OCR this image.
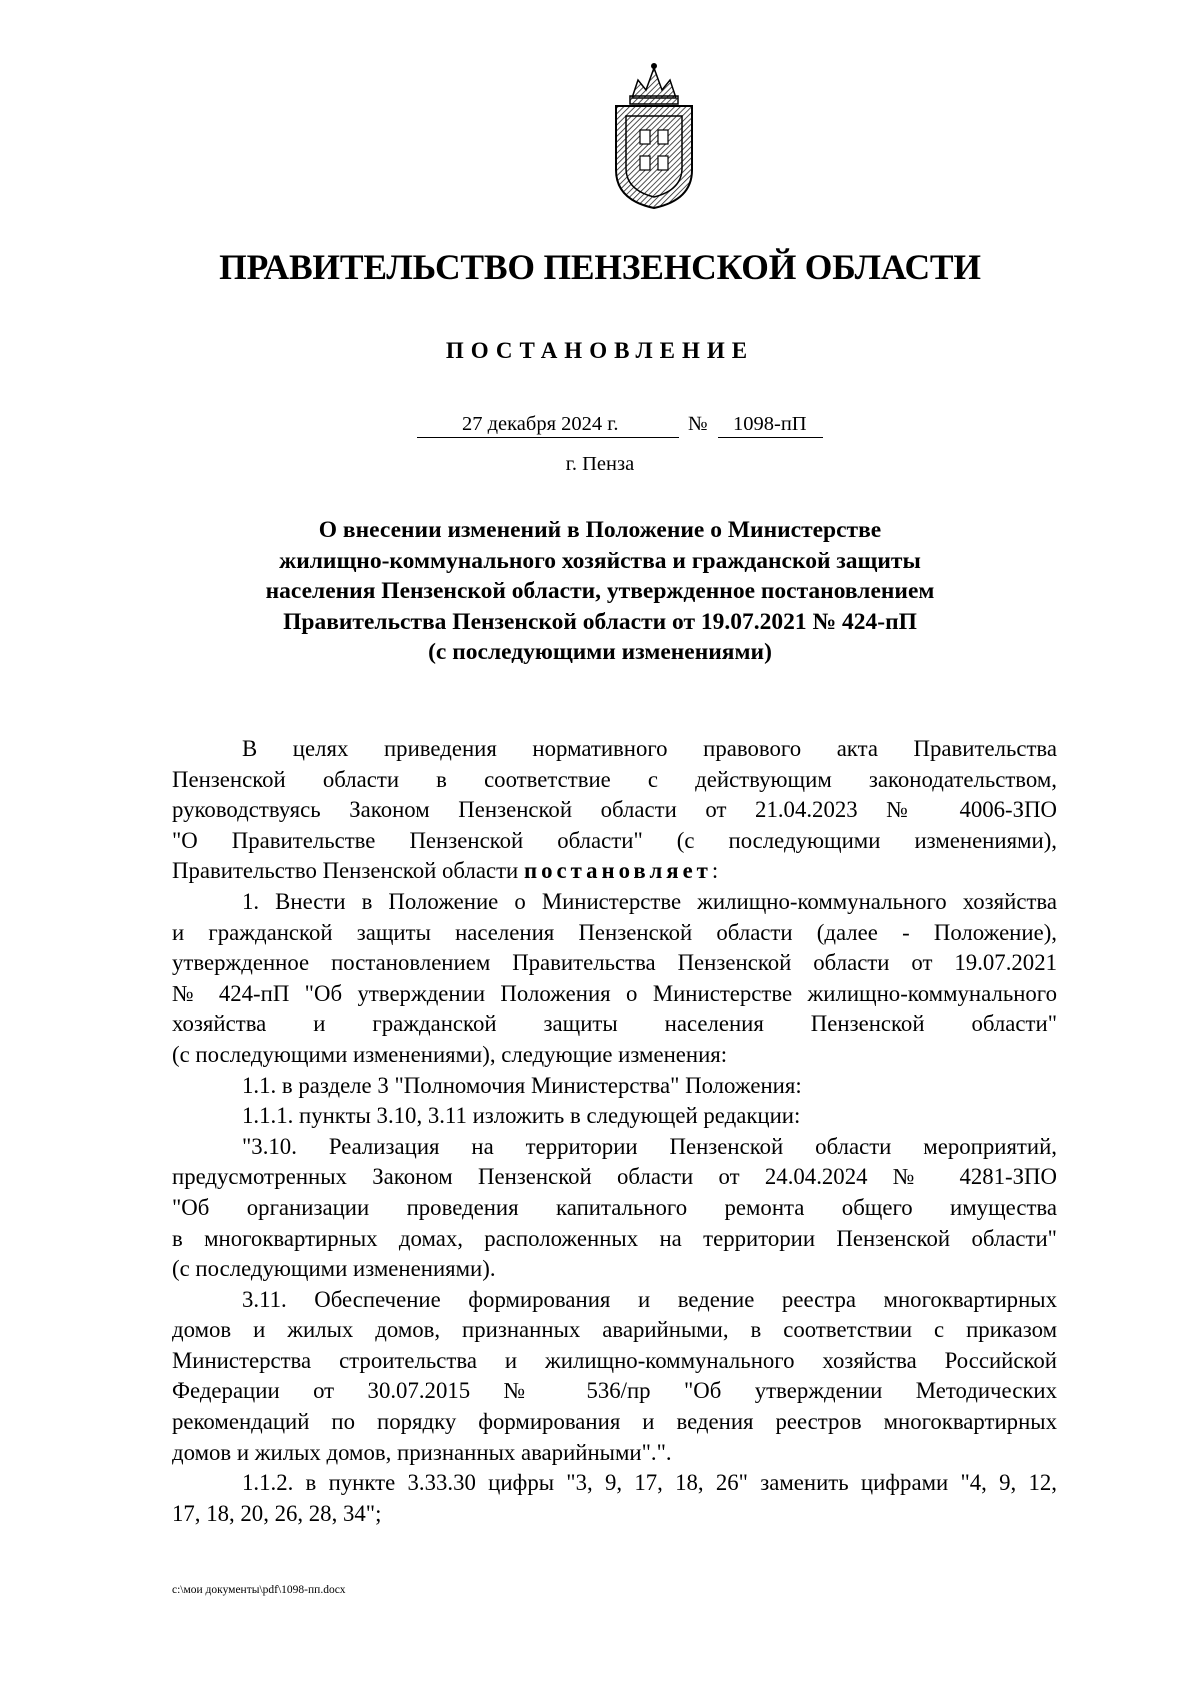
ПРАВИТЕЛЬСТВО ПЕНЗЕНСКОЙ ОБЛАСТИ
ПОСТАНОВЛЕНИЕ
27 декабря 2024 г.	№ 1098-пП
г. Пенза

О внесении изменений в Положение о Министерстве
жилищно-коммунального хозяйства и гражданской защиты
населения Пензенской области, утвержденное постановлением
Правительства Пензенской области от 19.07.2021 № 424-пП
(с последующими изменениями)

В целях приведения нормативного правового акта Правительства
Пензенской области в соответствие с действующим законодательством,
руководствуясь Законом Пензенской области от 21.04.2023 № 4006-ЗПО
"О Правительстве Пензенской области" (с последующими изменениями),
Правительство Пензенской области постановляет:
1. Внести в Положение о Министерстве жилищно-коммунального хозяйства
и гражданской защиты населения Пензенской области (далее - Положение),
утвержденное постановлением Правительства Пензенской области от 19.07.2021
№ 424-пП "Об утверждении Положения о Министерстве жилищно-коммунального
хозяйства и гражданской защиты населения Пензенской области"
(с последующими изменениями), следующие изменения:
1.1. в разделе 3 "Полномочия Министерства" Положения:
1.1.1. пункты 3.10, 3.11 изложить в следующей редакции:
"3.10. Реализация на территории Пензенской области мероприятий,
предусмотренных Законом Пензенской области от 24.04.2024 № 4281-ЗПО
"Об организации проведения капитального ремонта общего имущества
в многоквартирных домах, расположенных на территории Пензенской области"
(с последующими изменениями).
3.11. Обеспечение формирования и ведение реестра многоквартирных
домов и жилых домов, признанных аварийными, в соответствии с приказом
Министерства строительства и жилищно-коммунального хозяйства Российской
Федерации от 30.07.2015 № 536/пр "Об утверждении Методических
рекомендаций по порядку формирования и ведения реестров многоквартирных
домов и жилых домов, признанных аварийными".".
1.1.2. в пункте 3.33.30 цифры "3, 9, 17, 18, 26" заменить цифрами "4, 9, 12,
17, 18, 20, 26, 28, 34";
c:\мои документы\pdf\1098-пп.docx
